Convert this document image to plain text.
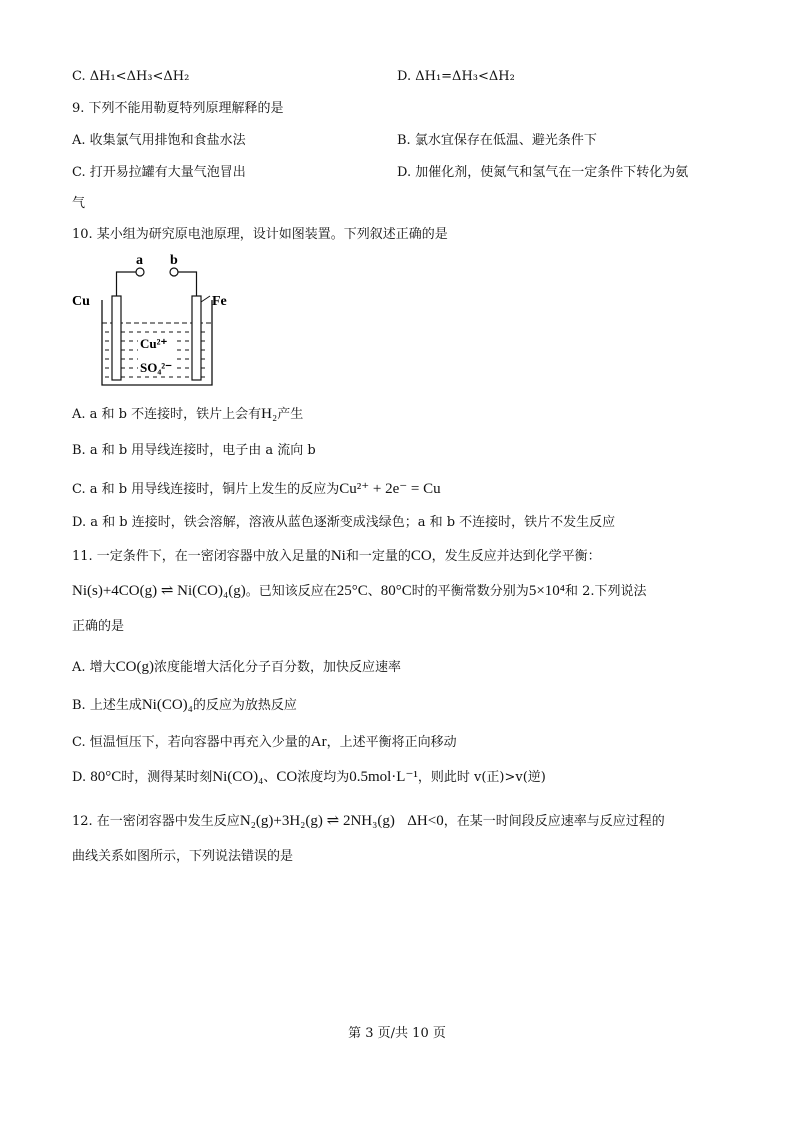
C. ΔH₁<ΔH₃<ΔH₂	D. ΔH₁=ΔH₃<ΔH₂
9. 下列不能用勒夏特列原理解释的是
A. 收集氯气用排饱和食盐水法	B. 氯水宜保存在低温、避光条件下
C. 打开易拉罐有大量气泡冒出	D. 加催化剂，使氮气和氢气在一定条件下转化为氨
气
10. 某小组为研究原电池原理，设计如图装置。下列叙述正确的是
a b
Cu	Fe
Cu²⁺
SO₄²⁻
A. a 和 b 不连接时，铁片上会有H₂产生
B. a 和 b 用导线连接时，电子由 a 流向 b
C. a 和 b 用导线连接时，铜片上发生的反应为Cu²⁺ + 2e⁻ = Cu
D. a 和 b 连接时，铁会溶解，溶液从蓝色逐渐变成浅绿色；a 和 b 不连接时，铁片不发生反应
11. 一定条件下，在一密闭容器中放入足量的Ni和一定量的CO，发生反应并达到化学平衡：
Ni(s)+4CO(g) ⇌ Ni(CO)₄(g)。已知该反应在25°C、80°C时的平衡常数分别为5×10⁴和 2.下列说法
正确的是
A. 增大CO(g)浓度能增大活化分子百分数，加快反应速率
B. 上述生成Ni(CO)₄的反应为放热反应
C. 恒温恒压下，若向容器中再充入少量的Ar，上述平衡将正向移动
D. 80°C时，测得某时刻Ni(CO)₄、CO浓度均为0.5mol·L⁻¹，则此时 v(正)>v(逆)
12. 在一密闭容器中发生反应N₂(g)+3H₂(g) ⇌ 2NH₃(g) ΔH<0，在某一时间段反应速率与反应过程的
曲线关系如图所示，下列说法错误的是
第 3 页/共 10 页
